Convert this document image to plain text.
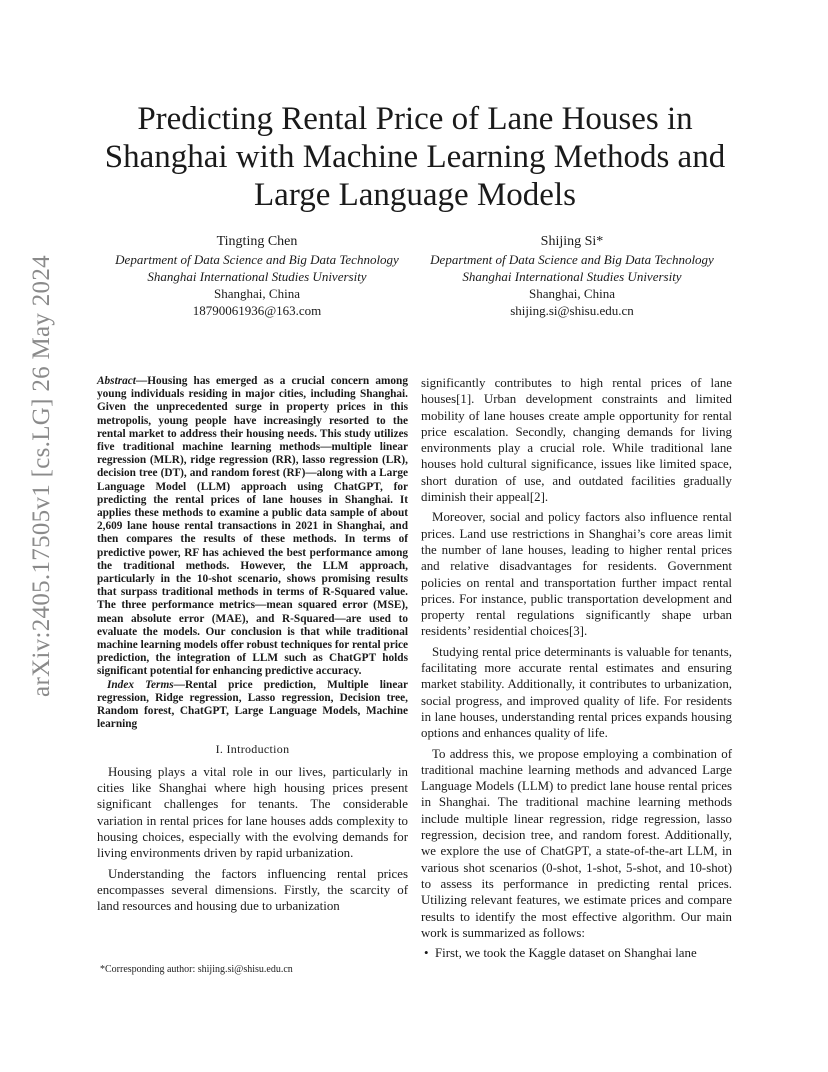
arXiv:2405.17505v1 [cs.LG] 26 May 2024
Predicting Rental Price of Lane Houses in
Shanghai with Machine Learning Methods and
Large Language Models
Tingting Chen
Department of Data Science and Big Data Technology
Shanghai International Studies University
Shanghai, China
18790061936@163.com
Shijing Si*
Department of Data Science and Big Data Technology
Shanghai International Studies University
Shanghai, China
shijing.si@shisu.edu.cn

Abstract—Housing has emerged as a crucial concern among young individuals residing in major cities, including Shanghai. Given the unprecedented surge in property prices in this metropolis, young people have increasingly resorted to the rental market to address their housing needs. This study utilizes five traditional machine learning methods—multiple linear regression (MLR), ridge regression (RR), lasso regression (LR), decision tree (DT), and random forest (RF)—along with a Large Language Model (LLM) approach using ChatGPT, for predicting the rental prices of lane houses in Shanghai. It applies these methods to examine a public data sample of about 2,609 lane house rental transactions in 2021 in Shanghai, and then compares the results of these methods. In terms of predictive power, RF has achieved the best performance among the traditional methods. However, the LLM approach, particularly in the 10-shot scenario, shows promising results that surpass traditional methods in terms of R-Squared value. The three performance metrics—mean squared error (MSE), mean absolute error (MAE), and R-Squared—are used to evaluate the models. Our conclusion is that while traditional machine learning models offer robust techniques for rental price prediction, the integration of LLM such as ChatGPT holds significant potential for enhancing predictive accuracy.

Index Terms—Rental price prediction, Multiple linear regression, Ridge regression, Lasso regression, Decision tree, Random forest, ChatGPT, Large Language Models, Machine learning

I. Introduction

Housing plays a vital role in our lives, particularly in cities like Shanghai where high housing prices present significant challenges for tenants. The considerable variation in rental prices for lane houses adds complexity to housing choices, especially with the evolving demands for living environments driven by rapid urbanization.

Understanding the factors influencing rental prices encompasses several dimensions. Firstly, the scarcity of land resources and housing due to urbanization

significantly contributes to high rental prices of lane houses[1]. Urban development constraints and limited mobility of lane houses create ample opportunity for rental price escalation. Secondly, changing demands for living environments play a crucial role. While traditional lane houses hold cultural significance, issues like limited space, short duration of use, and outdated facilities gradually diminish their appeal[2].

Moreover, social and policy factors also influence rental prices. Land use restrictions in Shanghai’s core areas limit the number of lane houses, leading to higher rental prices and relative disadvantages for residents. Government policies on rental and transportation further impact rental prices. For instance, public transportation development and property rental regulations significantly shape urban residents’ residential choices[3].

Studying rental price determinants is valuable for tenants, facilitating more accurate rental estimates and ensuring market stability. Additionally, it contributes to urbanization, social progress, and improved quality of life. For residents in lane houses, understanding rental prices expands housing options and enhances quality of life.

To address this, we propose employing a combination of traditional machine learning methods and advanced Large Language Models (LLM) to predict lane house rental prices in Shanghai. The traditional machine learning methods include multiple linear regression, ridge regression, lasso regression, decision tree, and random forest. Additionally, we explore the use of ChatGPT, a state-of-the-art LLM, in various shot scenarios (0-shot, 1-shot, 5-shot, and 10-shot) to assess its performance in predicting rental prices. Utilizing relevant features, we estimate prices and compare results to identify the most effective algorithm. Our main work is summarized as follows:

• First, we took the Kaggle dataset on Shanghai lane
*Corresponding author: shijing.si@shisu.edu.cn
